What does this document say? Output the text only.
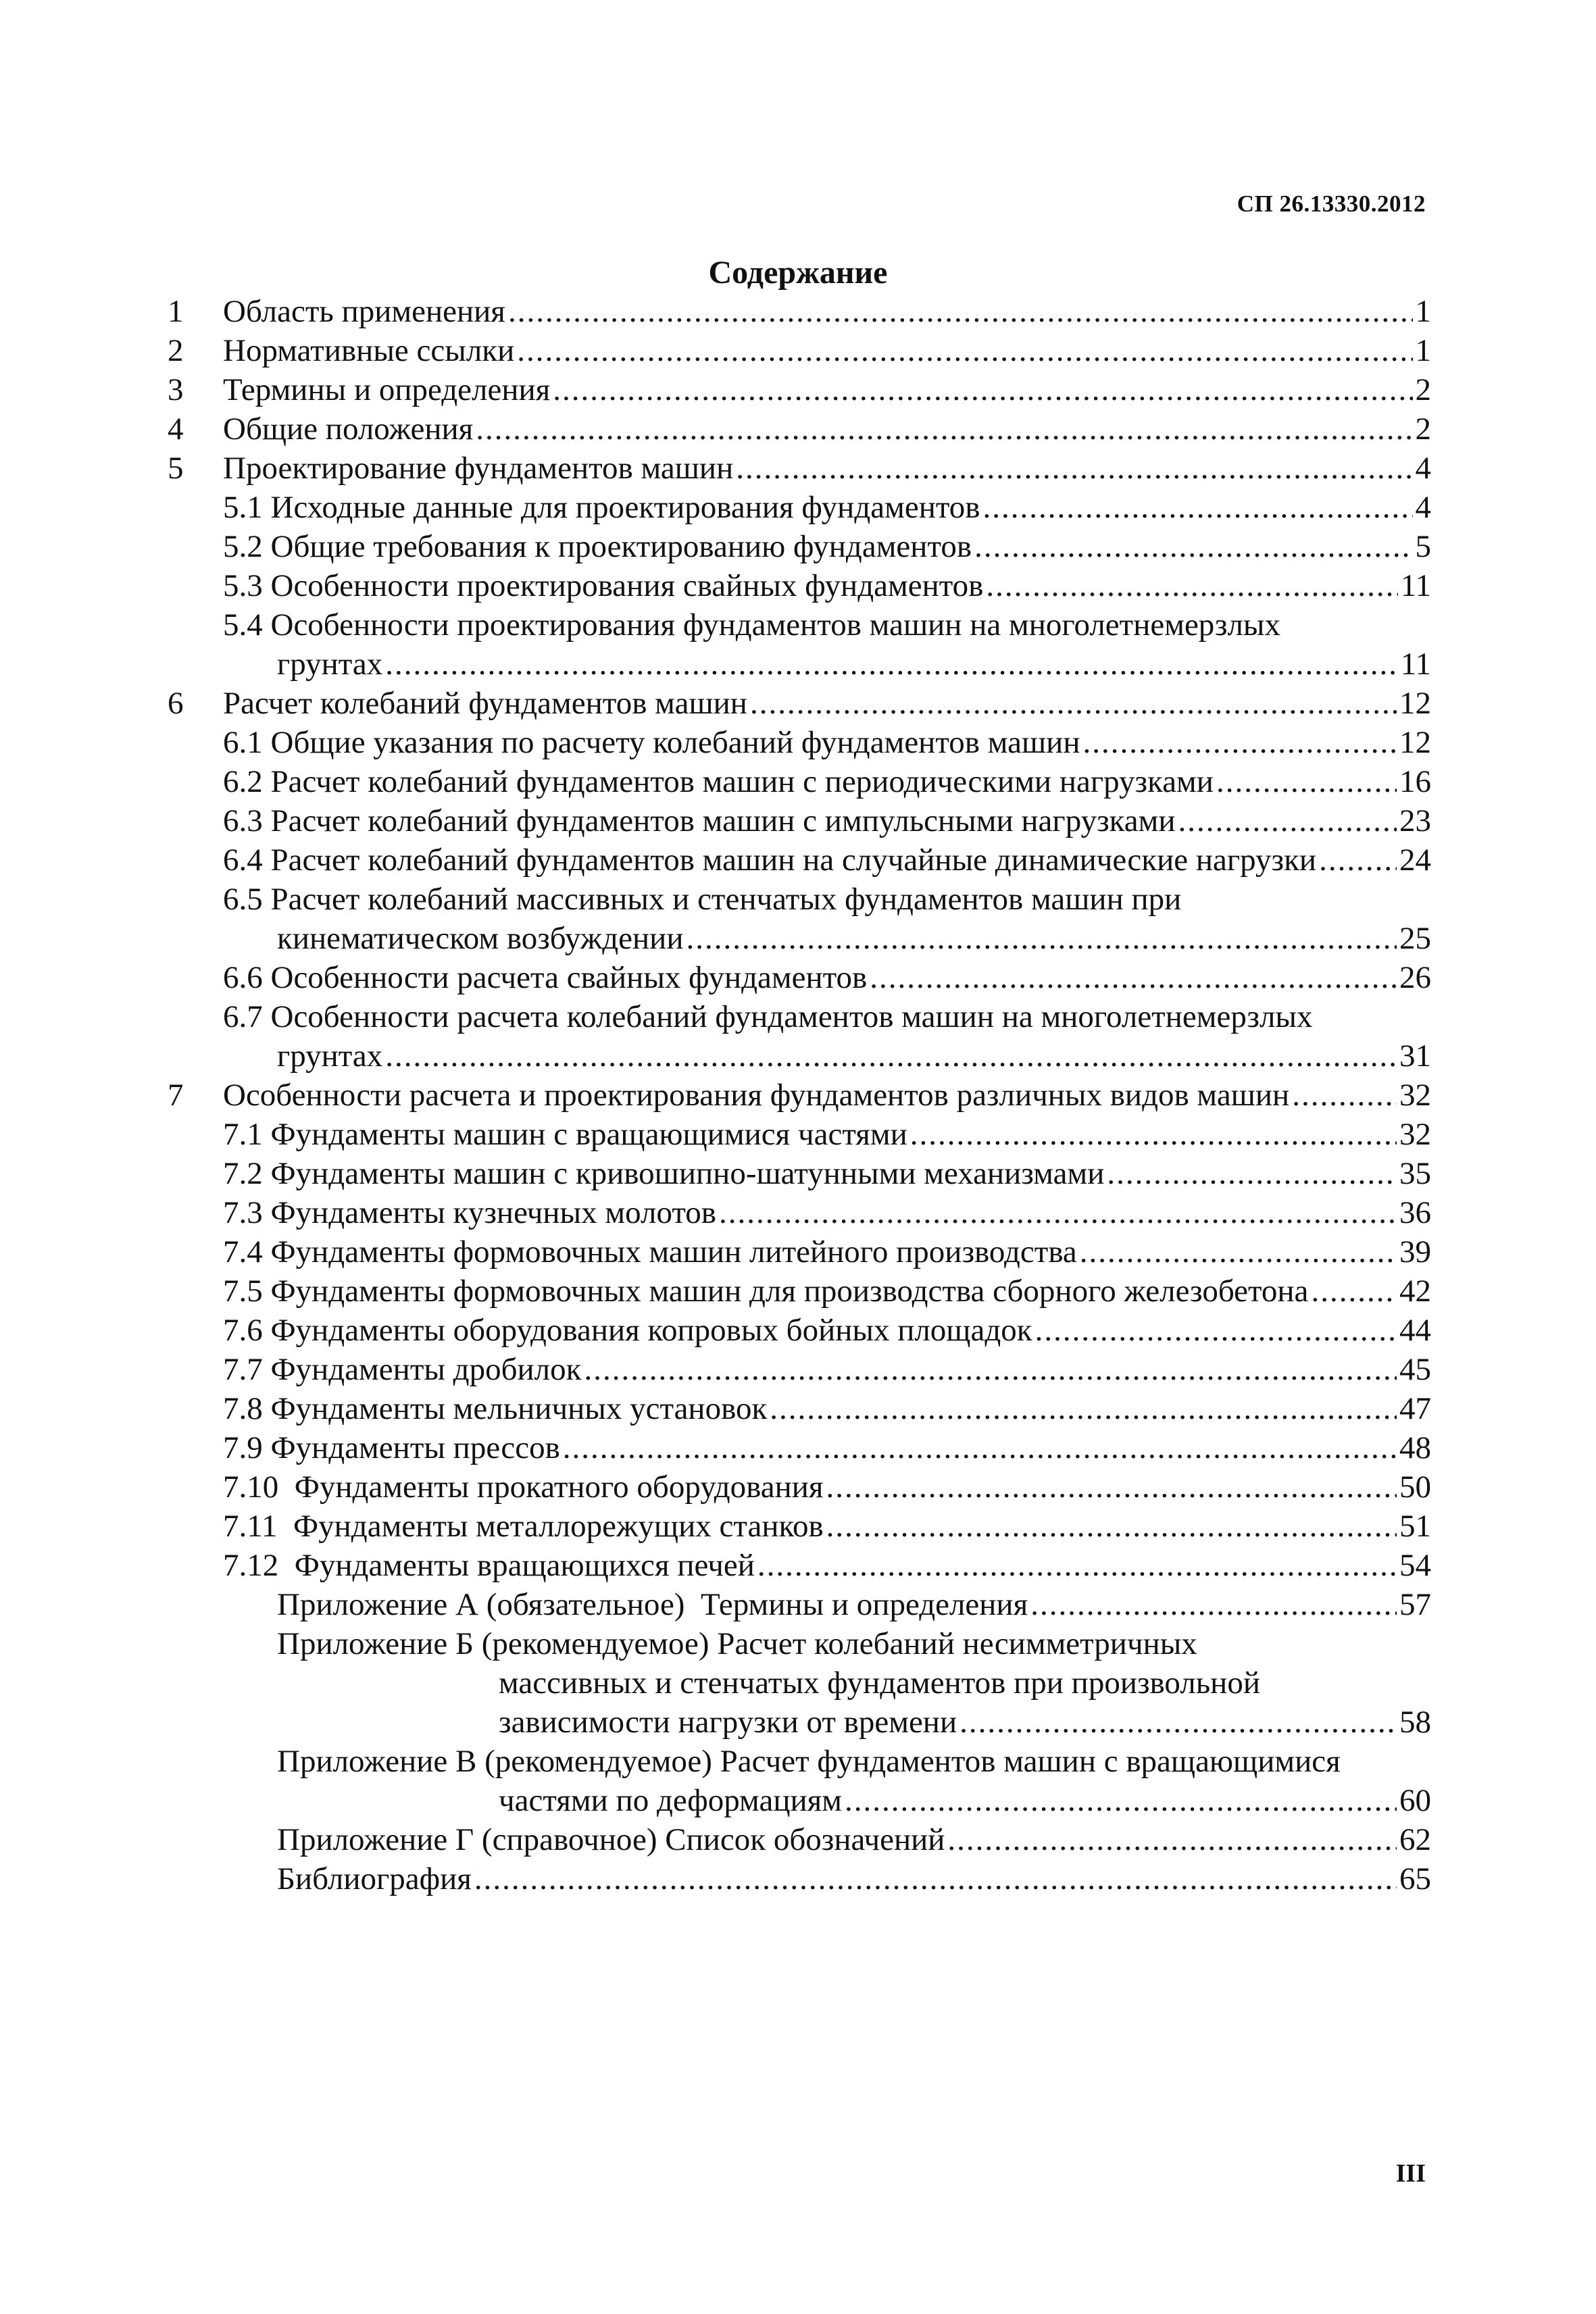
СП 26.13330.2012
Содержание
1	Область применения .....	1
2	Нормативные ссылки .....	1
3	Термины и определения .....	2
4	Общие положения .....	2
5	Проектирование фундаментов машин .....	4
5.1 Исходные данные для проектирования фундаментов .....	4
5.2 Общие требования к проектированию фундаментов .....	5
5.3 Особенности проектирования свайных фундаментов .....	11
5.4 Особенности проектирования фундаментов машин на многолетнемерзлых
грунтах .....	11
6	Расчет колебаний фундаментов машин .....	12
6.1 Общие указания по расчету колебаний фундаментов машин .....	12
6.2 Расчет колебаний фундаментов машин с периодическими нагрузками .....	16
6.3 Расчет колебаний фундаментов машин с импульсными нагрузками .....	23
6.4 Расчет колебаний фундаментов машин на случайные динамические нагрузки .....	24
6.5 Расчет колебаний массивных и стенчатых фундаментов машин при
кинематическом возбуждении .....	25
6.6 Особенности расчета свайных фундаментов .....	26
6.7 Особенности расчета колебаний фундаментов машин на многолетнемерзлых
грунтах .....	31
7	Особенности расчета и проектирования фундаментов различных видов машин .....	32
7.1 Фундаменты машин с вращающимися частями .....	32
7.2 Фундаменты машин с кривошипно-шатунными механизмами .....	35
7.3 Фундаменты кузнечных молотов .....	36
7.4 Фундаменты формовочных машин литейного производства .....	39
7.5 Фундаменты формовочных машин для производства сборного железобетона .....	42
7.6 Фундаменты оборудования копровых бойных площадок .....	44
7.7 Фундаменты дробилок .....	45
7.8 Фундаменты мельничных установок .....	47
7.9 Фундаменты прессов .....	48
7.10  Фундаменты прокатного оборудования .....	50
7.11  Фундаменты металлорежущих станков .....	51
7.12  Фундаменты вращающихся печей .....	54
Приложение А (обязательное)  Термины и определения .....	57
Приложение Б (рекомендуемое) Расчет колебаний несимметричных
массивных и стенчатых фундаментов при произвольной
зависимости нагрузки от времени .....	58
Приложение В (рекомендуемое) Расчет фундаментов машин с вращающимися
частями по деформациям .....	60
Приложение Г (справочное) Список обозначений .....	62
Библиография .....	65
III
